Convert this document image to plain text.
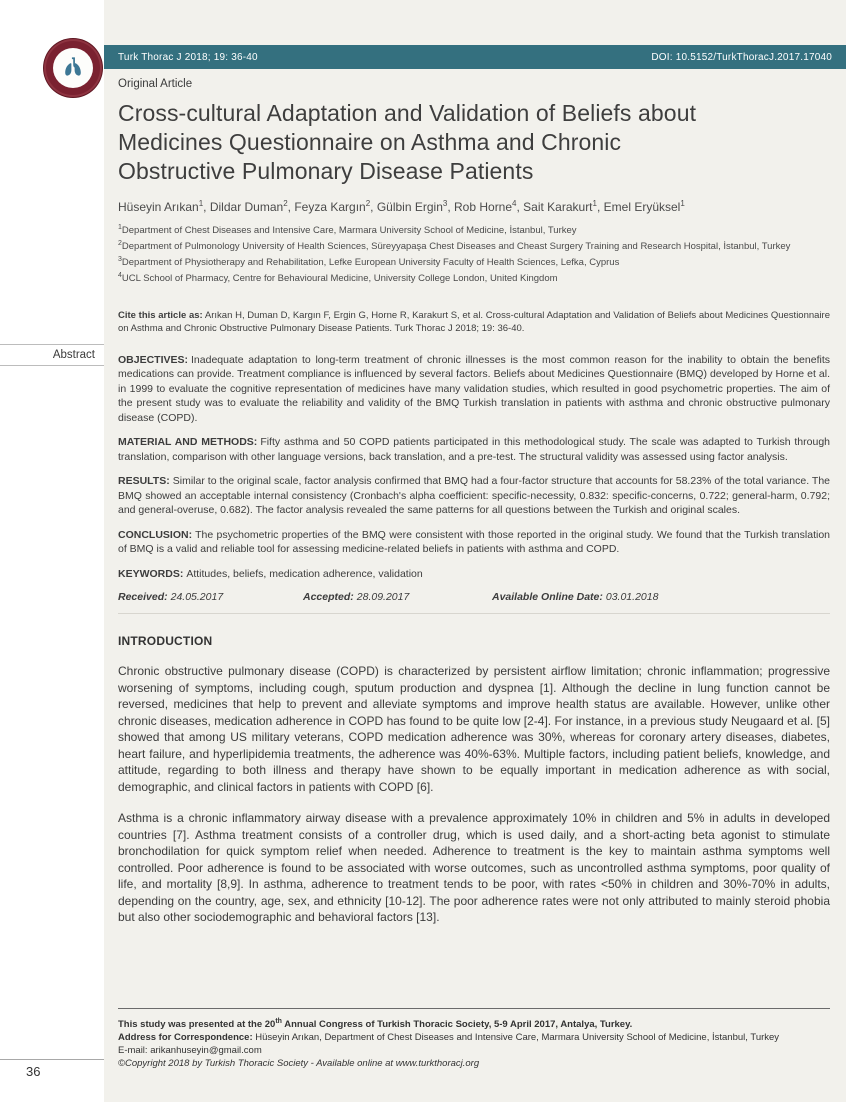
Turk Thorac J 2018; 19: 36-40	DOI: 10.5152/TurkThoracJ.2017.17040
Original Article
Cross-cultural Adaptation and Validation of Beliefs about Medicines Questionnaire on Asthma and Chronic Obstructive Pulmonary Disease Patients
Hüseyin Arıkan$^1$, Dildar Duman$^2$, Feyza Kargın$^2$, Gülbin Ergin$^3$, Rob Horne$^4$, Sait Karakurt$^1$, Emel Eryüksel$^1$
$^1$Department of Chest Diseases and Intensive Care, Marmara University School of Medicine, İstanbul, Turkey
$^2$Department of Pulmonology University of Health Sciences, Süreyyapaşa Chest Diseases and Cheast Surgery Training and Research Hospital, İstanbul, Turkey
$^3$Department of Physiotherapy and Rehabilitation, Lefke European University Faculty of Health Sciences, Lefka, Cyprus
$^4$UCL School of Pharmacy, Centre for Behavioural Medicine, University College London, United Kingdom
Cite this article as: Arıkan H, Duman D, Kargın F, Ergin G, Horne R, Karakurt S, et al. Cross-cultural Adaptation and Validation of Beliefs about Medicines Questionnaire on Asthma and Chronic Obstructive Pulmonary Disease Patients. Turk Thorac J 2018; 19: 36-40.

OBJECTIVES: Inadequate adaptation to long-term treatment of chronic illnesses is the most common reason for the inability to obtain the benefits medications can provide. Treatment compliance is influenced by several factors. Beliefs about Medicines Questionnaire (BMQ) developed by Horne et al. in 1999 to evaluate the cognitive representation of medicines have many validation studies, which resulted in good psychometric properties. The aim of the present study was to evaluate the reliability and validity of the BMQ Turkish translation in patients with asthma and chronic obstructive pulmonary disease (COPD).

MATERIAL AND METHODS: Fifty asthma and 50 COPD patients participated in this methodological study. The scale was adapted to Turkish through translation, comparison with other language versions, back translation, and a pre-test. The structural validity was assessed using factor analysis.

RESULTS: Similar to the original scale, factor analysis confirmed that BMQ had a four-factor structure that accounts for 58.23% of the total variance. The BMQ showed an acceptable internal consistency (Cronbach's alpha coefficient: specific-necessity, 0.832: specific-concerns, 0.722; general-harm, 0.792; and general-overuse, 0.682). The factor analysis revealed the same patterns for all questions between the Turkish and original scales.

CONCLUSION: The psychometric properties of the BMQ were consistent with those reported in the original study. We found that the Turkish translation of BMQ is a valid and reliable tool for assessing medicine-related beliefs in patients with asthma and COPD.

KEYWORDS: Attitudes, beliefs, medication adherence, validation

Received: 24.05.2017	Accepted: 28.09.2017	Available Online Date: 03.01.2018
INTRODUCTION

Chronic obstructive pulmonary disease (COPD) is characterized by persistent airflow limitation; chronic inflammation; progressive worsening of symptoms, including cough, sputum production and dyspnea [1]. Although the decline in lung function cannot be reversed, medicines that help to prevent and alleviate symptoms and improve health status are available. However, unlike other chronic diseases, medication adherence in COPD has found to be quite low [2-4]. For instance, in a previous study Neugaard et al. [5] showed that among US military veterans, COPD medication adherence was 30%, whereas for coronary artery diseases, diabetes, heart failure, and hyperlipidemia treatments, the adherence was 40%-63%. Multiple factors, including patient beliefs, knowledge, and attitude, regarding to both illness and therapy have shown to be equally important in medication adherence as with social, demographic, and clinical factors in patients with COPD [6].

Asthma is a chronic inflammatory airway disease with a prevalence approximately 10% in children and 5% in adults in developed countries [7]. Asthma treatment consists of a controller drug, which is used daily, and a short-acting beta agonist to stimulate bronchodilation for quick symptom relief when needed. Adherence to treatment is the key to maintain asthma symptoms well controlled. Poor adherence is found to be associated with worse outcomes, such as uncontrolled asthma symptoms, poor quality of life, and mortality [8,9]. In asthma, adherence to treatment tends to be poor, with rates <50% in children and 30%-70% in adults, depending on the country, age, sex, and ethnicity [10-12]. The poor adherence rates were not only attributed to mainly steroid phobia but also other sociodemographic and behavioral factors [13].

This study was presented at the 20th Annual Congress of Turkish Thoracic Society, 5-9 April 2017, Antalya, Turkey.
Address for Correspondence: Hüseyin Arıkan, Department of Chest Diseases and Intensive Care, Marmara University School of Medicine, İstanbul, Turkey
E-mail: arikanhuseyin@gmail.com
©Copyright 2018 by Turkish Thoracic Society - Available online at www.turkthoracj.org
Abstract
36
